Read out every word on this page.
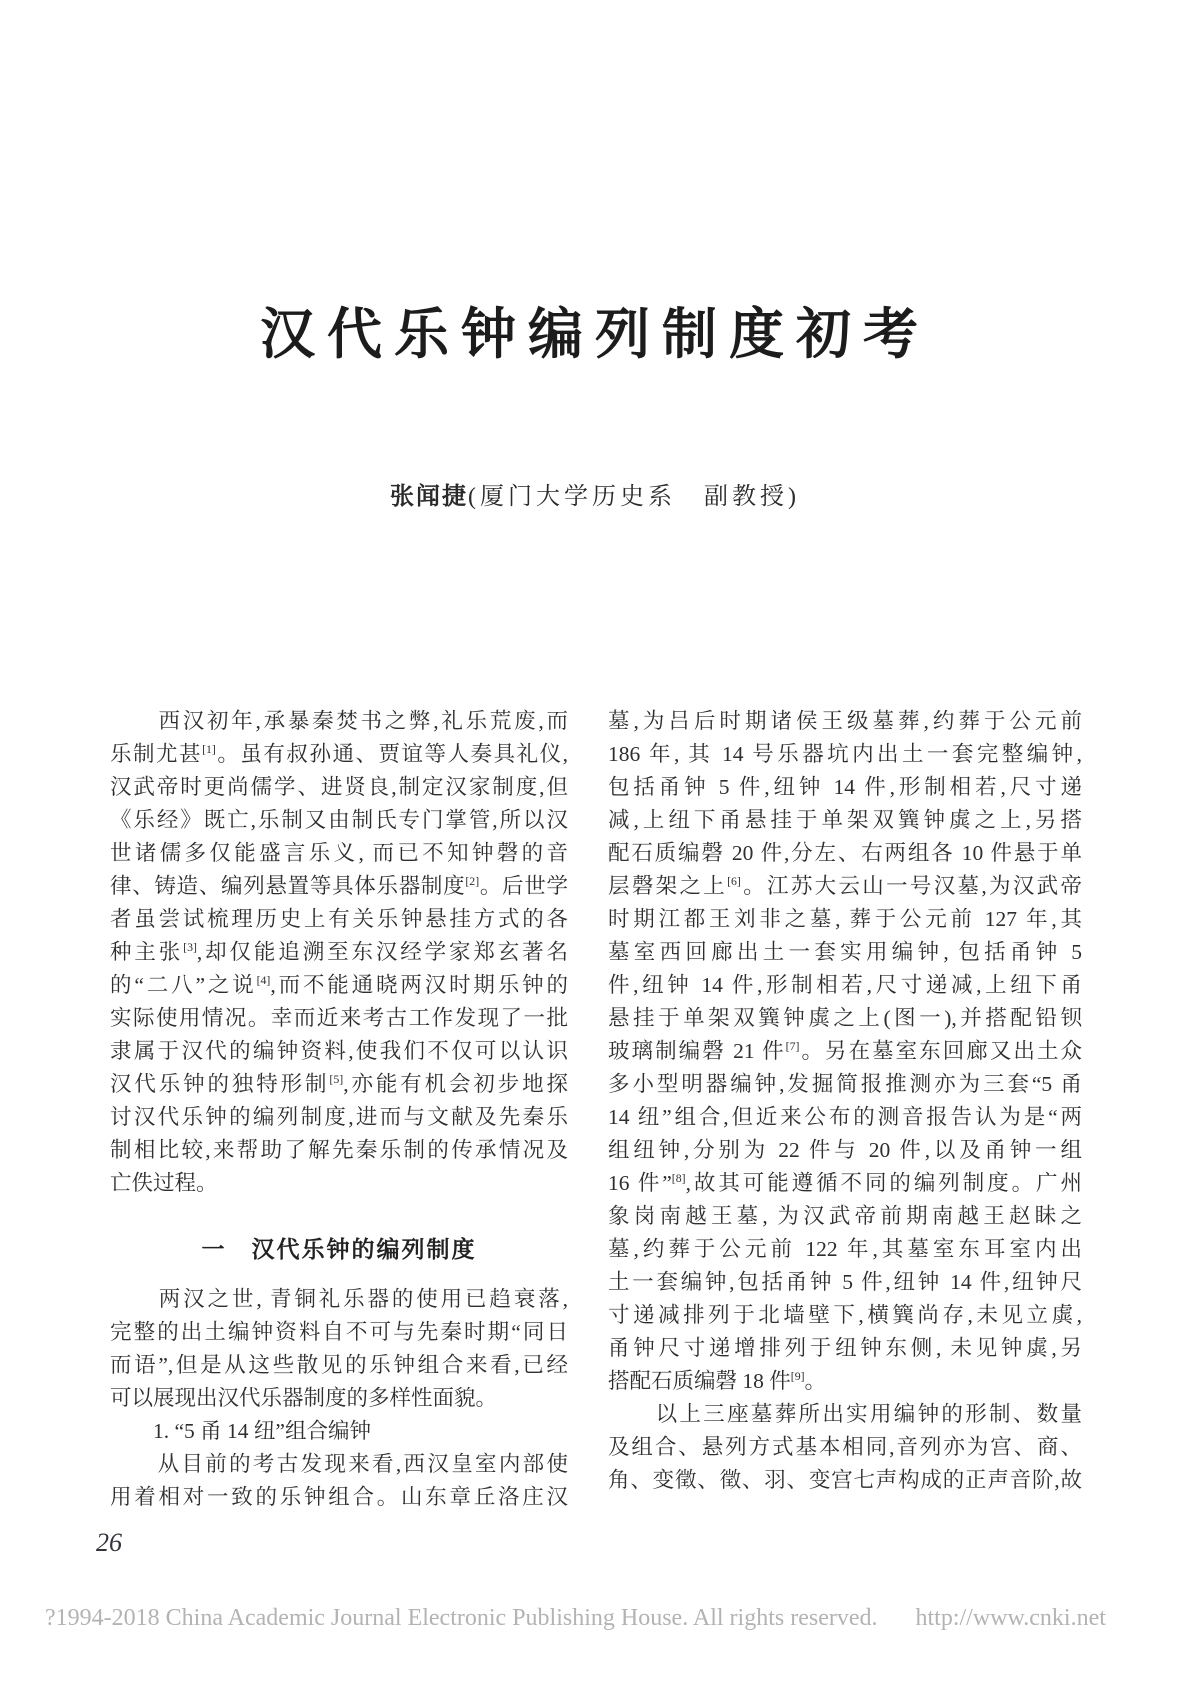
汉代乐钟编列制度初考
张闻捷(厦门大学历史系　副教授)
　　西汉初年,承暴秦焚书之弊,礼乐荒废,而
乐制尤甚[1]。虽有叔孙通、贾谊等人奏具礼仪,
汉武帝时更尚儒学、进贤良,制定汉家制度,但
《乐经》既亡,乐制又由制氏专门掌管,所以汉
世诸儒多仅能盛言乐义, 而已不知钟磬的音
律、铸造、编列悬置等具体乐器制度[2]。后世学
者虽尝试梳理历史上有关乐钟悬挂方式的各
种主张[3],却仅能追溯至东汉经学家郑玄著名
的“二八”之说[4],而不能通晓两汉时期乐钟的
实际使用情况。幸而近来考古工作发现了一批
隶属于汉代的编钟资料,使我们不仅可以认识
汉代乐钟的独特形制[5],亦能有机会初步地探
讨汉代乐钟的编列制度,进而与文献及先秦乐
制相比较,来帮助了解先秦乐制的传承情况及
亡佚过程。
一　汉代乐钟的编列制度
　　两汉之世, 青铜礼乐器的使用已趋衰落,
完整的出土编钟资料自不可与先秦时期“同日
而语”,但是从这些散见的乐钟组合来看,已经
可以展现出汉代乐器制度的多样性面貌。
　　1. “5 甬 14 纽”组合编钟
　　从目前的考古发现来看,西汉皇室内部使
用着相对一致的乐钟组合。山东章丘洛庄汉
墓,为吕后时期诸侯王级墓葬,约葬于公元前
186 年, 其 14 号乐器坑内出土一套完整编钟,
包括甬钟 5 件,纽钟 14 件,形制相若,尺寸递
减,上纽下甬悬挂于单架双簨钟虡之上,另搭
配石质编磬 20 件,分左、右两组各 10 件悬于单
层磬架之上[6]。江苏大云山一号汉墓,为汉武帝
时期江都王刘非之墓, 葬于公元前 127 年,其
墓室西回廊出土一套实用编钟, 包括甬钟 5
件,纽钟 14 件,形制相若,尺寸递减,上纽下甬
悬挂于单架双簨钟虡之上(图一),并搭配铅钡
玻璃制编磬 21 件[7]。另在墓室东回廊又出土众
多小型明器编钟,发掘简报推测亦为三套“5 甬
14 纽”组合,但近来公布的测音报告认为是“两
组纽钟,分别为 22 件与 20 件,以及甬钟一组
16 件”[8],故其可能遵循不同的编列制度。广州
象岗南越王墓, 为汉武帝前期南越王赵眛之
墓,约葬于公元前 122 年,其墓室东耳室内出
土一套编钟,包括甬钟 5 件,纽钟 14 件,纽钟尺
寸递减排列于北墙壁下,横簨尚存,未见立虡,
甬钟尺寸递增排列于纽钟东侧, 未见钟虡,另
搭配石质编磬 18 件[9]。
　　以上三座墓葬所出实用编钟的形制、数量
及组合、悬列方式基本相同,音列亦为宫、商、
角、变徵、徵、羽、变宫七声构成的正声音阶,故
26
?1994-2018 China Academic Journal Electronic Publishing House. All rights reserved. http://www.cnki.net
